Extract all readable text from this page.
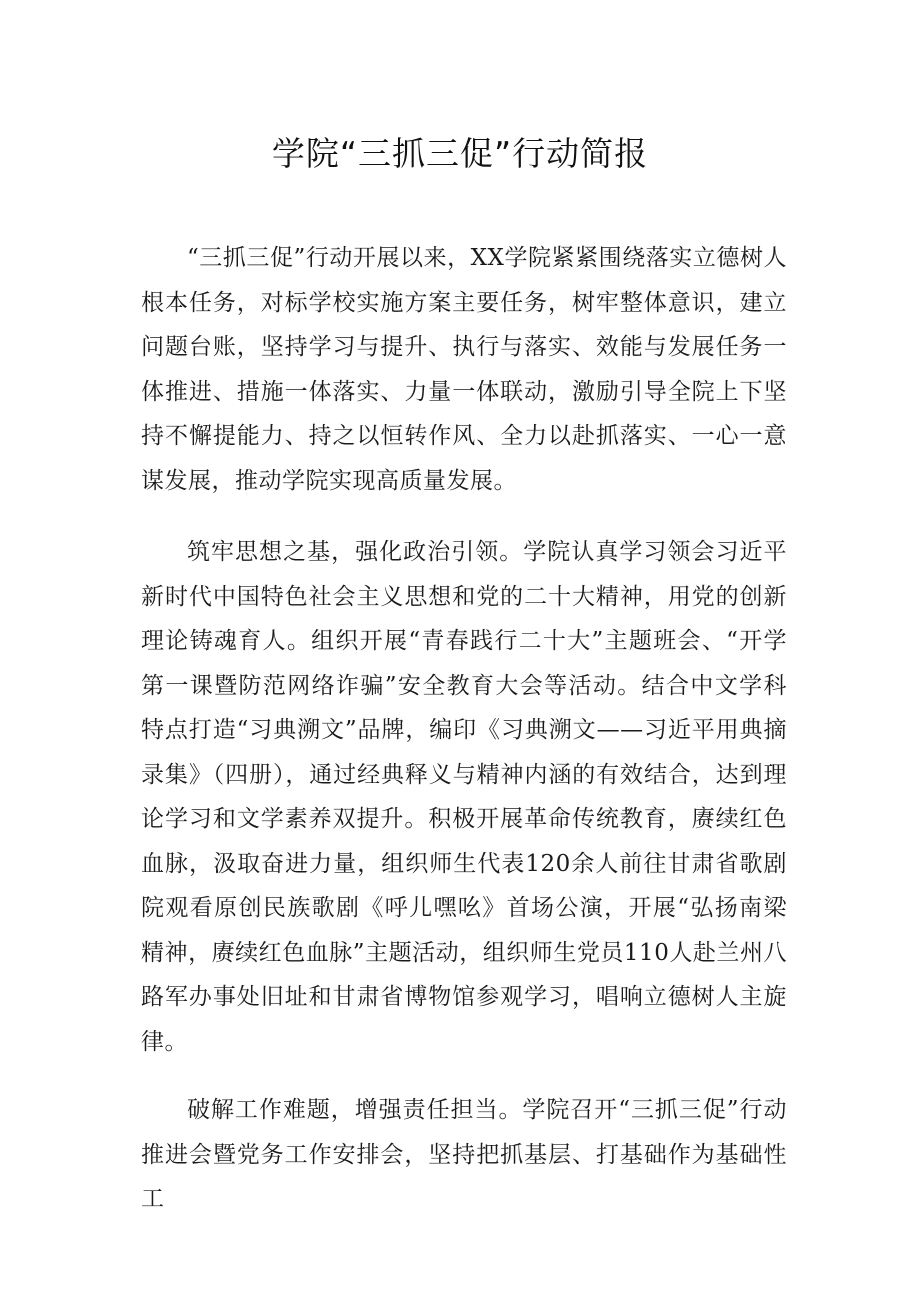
学院“三抓三促”行动简报

“三抓三促”行动开展以来，XX学院紧紧围绕落实立德树人根本任务，对标学校实施方案主要任务，树牢整体意识，建立问题台账，坚持学习与提升、执行与落实、效能与发展任务一体推进、措施一体落实、力量一体联动，激励引导全院上下坚持不懈提能力、持之以恒转作风、全力以赴抓落实、一心一意谋发展，推动学院实现高质量发展。

筑牢思想之基，强化政治引领。学院认真学习领会习近平新时代中国特色社会主义思想和党的二十大精神，用党的创新理论铸魂育人。组织开展“青春践行二十大”主题班会、“开学第一课暨防范网络诈骗”安全教育大会等活动。结合中文学科特点打造“习典溯文”品牌，编印《习典溯文——习近平用典摘录集》（四册），通过经典释义与精神内涵的有效结合，达到理论学习和文学素养双提升。积极开展革命传统教育，赓续红色血脉，汲取奋进力量，组织师生代表120余人前往甘肃省歌剧院观看原创民族歌剧《呼儿嘿吆》首场公演，开展“弘扬南梁精神，赓续红色血脉”主题活动，组织师生党员110人赴兰州八路军办事处旧址和甘肃省博物馆参观学习，唱响立德树人主旋律。

破解工作难题，增强责任担当。学院召开“三抓三促”行动推进会暨党务工作安排会，坚持把抓基层、打基础作为基础性工
